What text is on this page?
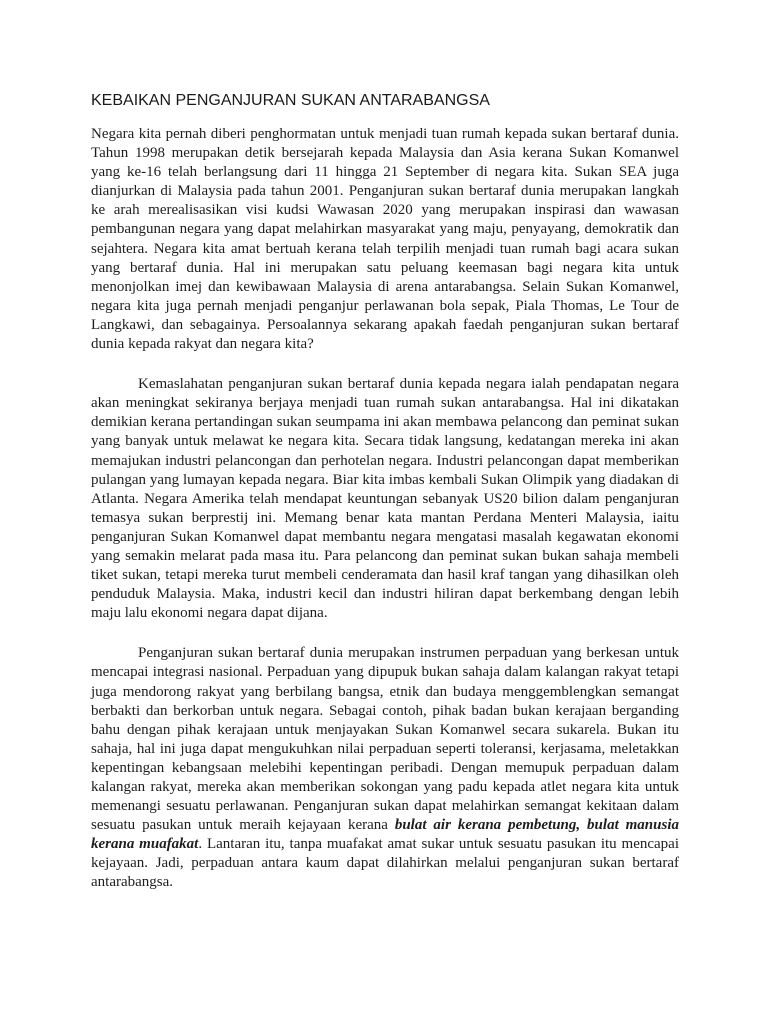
KEBAIKAN PENGANJURAN SUKAN ANTARABANGSA

Negara kita pernah diberi penghormatan untuk menjadi tuan rumah kepada sukan bertaraf dunia. Tahun 1998 merupakan detik bersejarah kepada Malaysia dan Asia kerana Sukan Komanwel yang ke-16 telah berlangsung dari 11 hingga 21 September di negara kita. Sukan SEA juga dianjurkan di Malaysia pada tahun 2001. Penganjuran sukan bertaraf dunia merupakan langkah ke arah merealisasikan visi kudsi Wawasan 2020 yang merupakan inspirasi dan wawasan pembangunan negara yang dapat melahirkan masyarakat yang maju, penyayang, demokratik dan sejahtera. Negara kita amat bertuah kerana telah terpilih menjadi tuan rumah bagi acara sukan yang bertaraf dunia. Hal ini merupakan satu peluang keemasan bagi negara kita untuk menonjolkan imej dan kewibawaan Malaysia di arena antarabangsa. Selain Sukan Komanwel, negara kita juga pernah menjadi penganjur perlawanan bola sepak, Piala Thomas, Le Tour de Langkawi, dan sebagainya. Persoalannya sekarang apakah faedah penganjuran sukan bertaraf dunia kepada rakyat dan negara kita?

Kemaslahatan penganjuran sukan bertaraf dunia kepada negara ialah pendapatan negara akan meningkat sekiranya berjaya menjadi tuan rumah sukan antarabangsa. Hal ini dikatakan demikian kerana pertandingan sukan seumpama ini akan membawa pelancong dan peminat sukan yang banyak untuk melawat ke negara kita. Secara tidak langsung, kedatangan mereka ini akan memajukan industri pelancongan dan perhotelan negara. Industri pelancongan dapat memberikan pulangan yang lumayan kepada negara. Biar kita imbas kembali Sukan Olimpik yang diadakan di Atlanta. Negara Amerika telah mendapat keuntungan sebanyak US20 bilion dalam penganjuran temasya sukan berprestij ini. Memang benar kata mantan Perdana Menteri Malaysia, iaitu penganjuran Sukan Komanwel dapat membantu negara mengatasi masalah kegawatan ekonomi yang semakin melarat pada masa itu. Para pelancong dan peminat sukan bukan sahaja membeli tiket sukan, tetapi mereka turut membeli cenderamata dan hasil kraf tangan yang dihasilkan oleh penduduk Malaysia. Maka, industri kecil dan industri hiliran dapat berkembang dengan lebih maju lalu ekonomi negara dapat dijana.

Penganjuran sukan bertaraf dunia merupakan instrumen perpaduan yang berkesan untuk mencapai integrasi nasional. Perpaduan yang dipupuk bukan sahaja dalam kalangan rakyat tetapi juga mendorong rakyat yang berbilang bangsa, etnik dan budaya menggemblengkan semangat berbakti dan berkorban untuk negara. Sebagai contoh, pihak badan bukan kerajaan berganding bahu dengan pihak kerajaan untuk menjayakan Sukan Komanwel secara sukarela. Bukan itu sahaja, hal ini juga dapat mengukuhkan nilai perpaduan seperti toleransi, kerjasama, meletakkan kepentingan kebangsaan melebihi kepentingan peribadi. Dengan memupuk perpaduan dalam kalangan rakyat, mereka akan memberikan sokongan yang padu kepada atlet negara kita untuk memenangi sesuatu perlawanan. Penganjuran sukan dapat melahirkan semangat kekitaan dalam sesuatu pasukan untuk meraih kejayaan kerana bulat air kerana pembetung, bulat manusia kerana muafakat. Lantaran itu, tanpa muafakat amat sukar untuk sesuatu pasukan itu mencapai kejayaan. Jadi, perpaduan antara kaum dapat dilahirkan melalui penganjuran sukan bertaraf antarabangsa.
